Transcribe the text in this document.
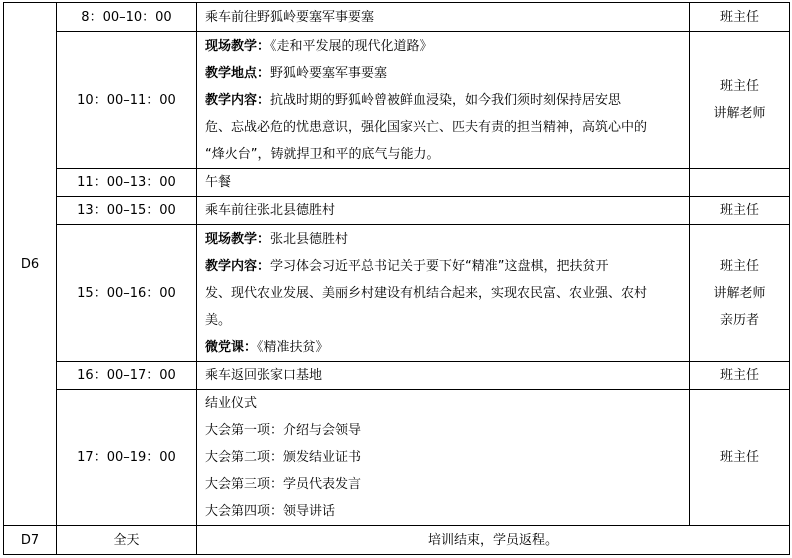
D6	8：00–10：00	乘车前往野狐岭要塞军事要塞	班主任

	10：00–11：00	现场教学：《走和平发展的现代化道路》
教学地点：野狐岭要塞军事要塞
教学内容：抗战时期的野狐岭曾被鲜血浸染，如今我们须时刻保持居安思
危、忘战必危的忧患意识，强化国家兴亡、匹夫有责的担当精神，高筑心中的
“烽火台”，铸就捍卫和平的底气与能力。	班主任
讲解老师

	11：00–13：00	午餐	
	13：00–15：00	乘车前往张北县德胜村	班主任

	15：00–16：00	现场教学：张北县德胜村
教学内容：学习体会习近平总书记关于要下好“精准”这盘棋，把扶贫开
发、现代农业发展、美丽乡村建设有机结合起来，实现农民富、农业强、农村
美。
微党课：《精准扶贫》	班主任
讲解老师
亲历者

	16：00–17：00	乘车返回张家口基地	班主任

	17：00–19：00	结业仪式
大会第一项：介绍与会领导
大会第二项：颁发结业证书
大会第三项：学员代表发言
大会第四项：领导讲话	班主任

D7	全天	培训结束，学员返程。	
